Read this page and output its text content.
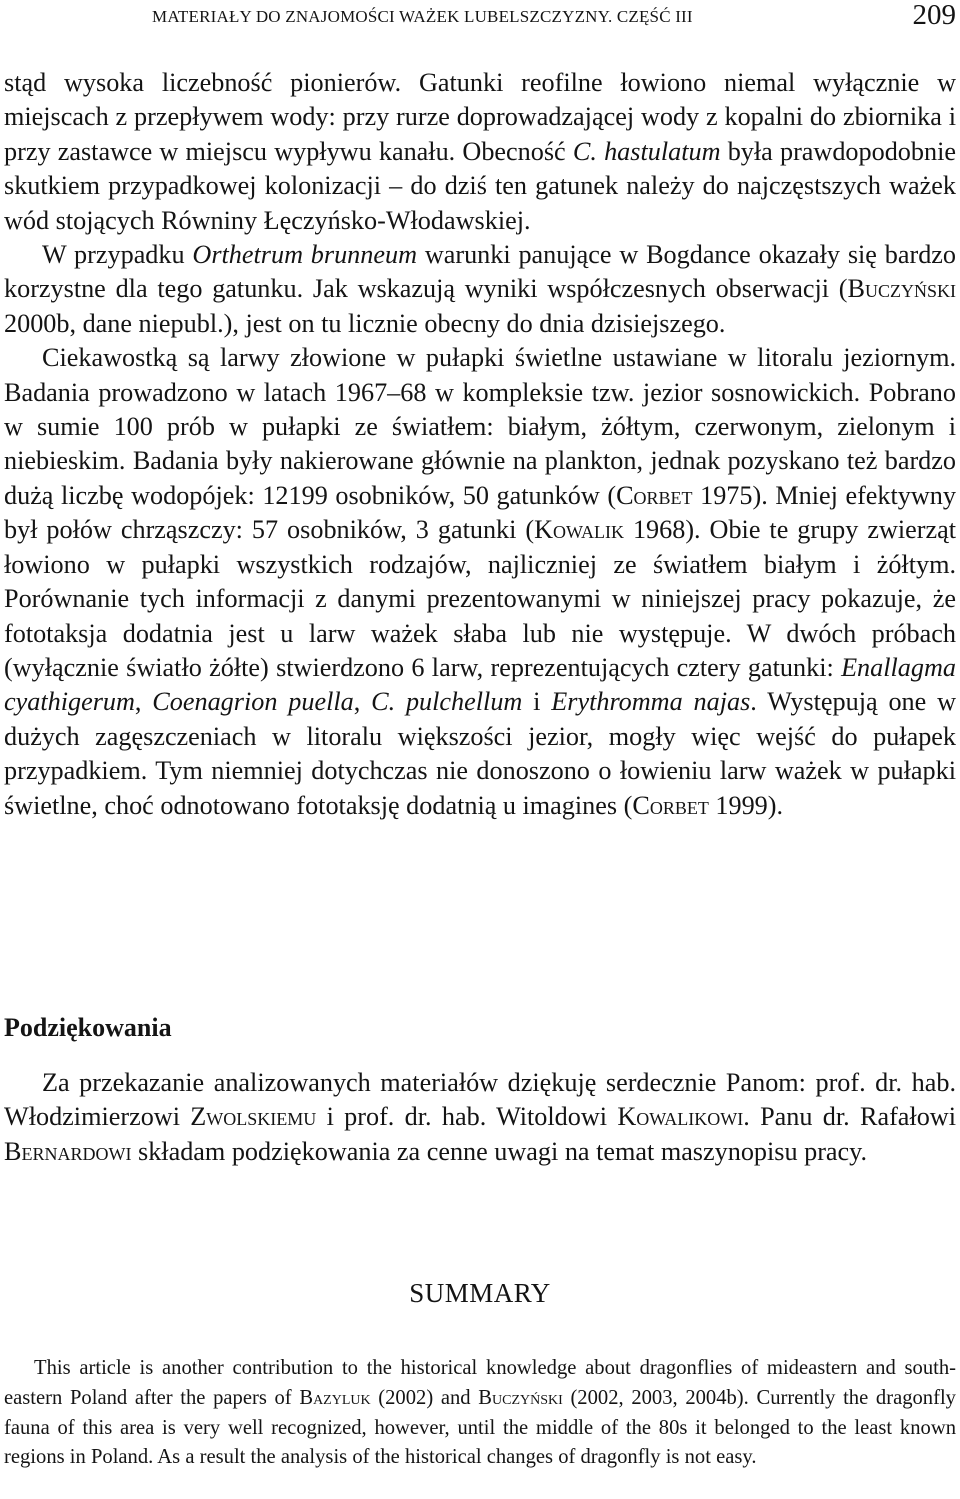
MATERIAŁY DO ZNAJOMOŚCI WAŻEK LUBELSZCZYZNY. CZĘŚĆ III	209

stąd wysoka liczebność pionierów. Gatunki reofilne łowiono niemal wyłącznie w miejscach z przepływem wody: przy rurze doprowadzającej wody z kopalni do zbiornika i przy zastawce w miejscu wypływu kanału. Obecność C. hastulatum była prawdopodobnie skutkiem przypadkowej kolonizacji – do dziś ten gatunek należy do najczęstszych ważek wód stojących Równiny Łęczyńsko-Włodawskiej.

W przypadku Orthetrum brunneum warunki panujące w Bogdance okazały się bardzo korzystne dla tego gatunku. Jak wskazują wyniki współczesnych obserwacji (Buczyński 2000b, dane niepubl.), jest on tu licznie obecny do dnia dzisiejszego.

Ciekawostką są larwy złowione w pułapki świetlne ustawiane w litoralu jeziornym. Badania prowadzono w latach 1967–68 w kompleksie tzw. jezior sosnowickich. Pobrano w sumie 100 prób w pułapki ze światłem: białym, żółtym, czerwonym, zielonym i niebieskim. Badania były nakierowane głównie na plankton, jednak pozyskano też bardzo dużą liczbę wodopójek: 12199 osobników, 50 gatunków (Corbet 1975). Mniej efektywny był połów chrząszczy: 57 osobników, 3 gatunki (Kowalik 1968). Obie te grupy zwierząt łowiono w pułapki wszystkich rodzajów, najliczniej ze światłem białym i żółtym. Porównanie tych informacji z danymi prezentowanymi w niniejszej pracy pokazuje, że fototaksja dodatnia jest u larw ważek słaba lub nie występuje. W dwóch próbach (wyłącznie światło żółte) stwierdzono 6 larw, reprezentujących cztery gatunki: Enallagma cyathigerum, Coenagrion puella, C. pulchellum i Erythromma najas. Występują one w dużych zagęszczeniach w litoralu większości jezior, mogły więc wejść do pułapek przypadkiem. Tym niemniej dotychczas nie donoszono o łowieniu larw ważek w pułapki świetlne, choć odnotowano fototaksję dodatnią u imagines (Corbet 1999).

Podziękowania

Za przekazanie analizowanych materiałów dziękuję serdecznie Panom: prof. dr. hab. Włodzimierzowi Zwolskiemu i prof. dr. hab. Witoldowi Kowalikowi. Panu dr. Rafałowi Bernardowi składam podziękowania za cenne uwagi na temat maszynopisu pracy.

SUMMARY

This article is another contribution to the historical knowledge about dragonflies of mideastern and south-eastern Poland after the papers of Bazyluk (2002) and Buczyński (2002, 2003, 2004b). Currently the dragonfly fauna of this area is very well recognized, however, until the middle of the 80s it belonged to the least known regions in Poland. As a result the analysis of the historical changes of dragonfly is not easy.
